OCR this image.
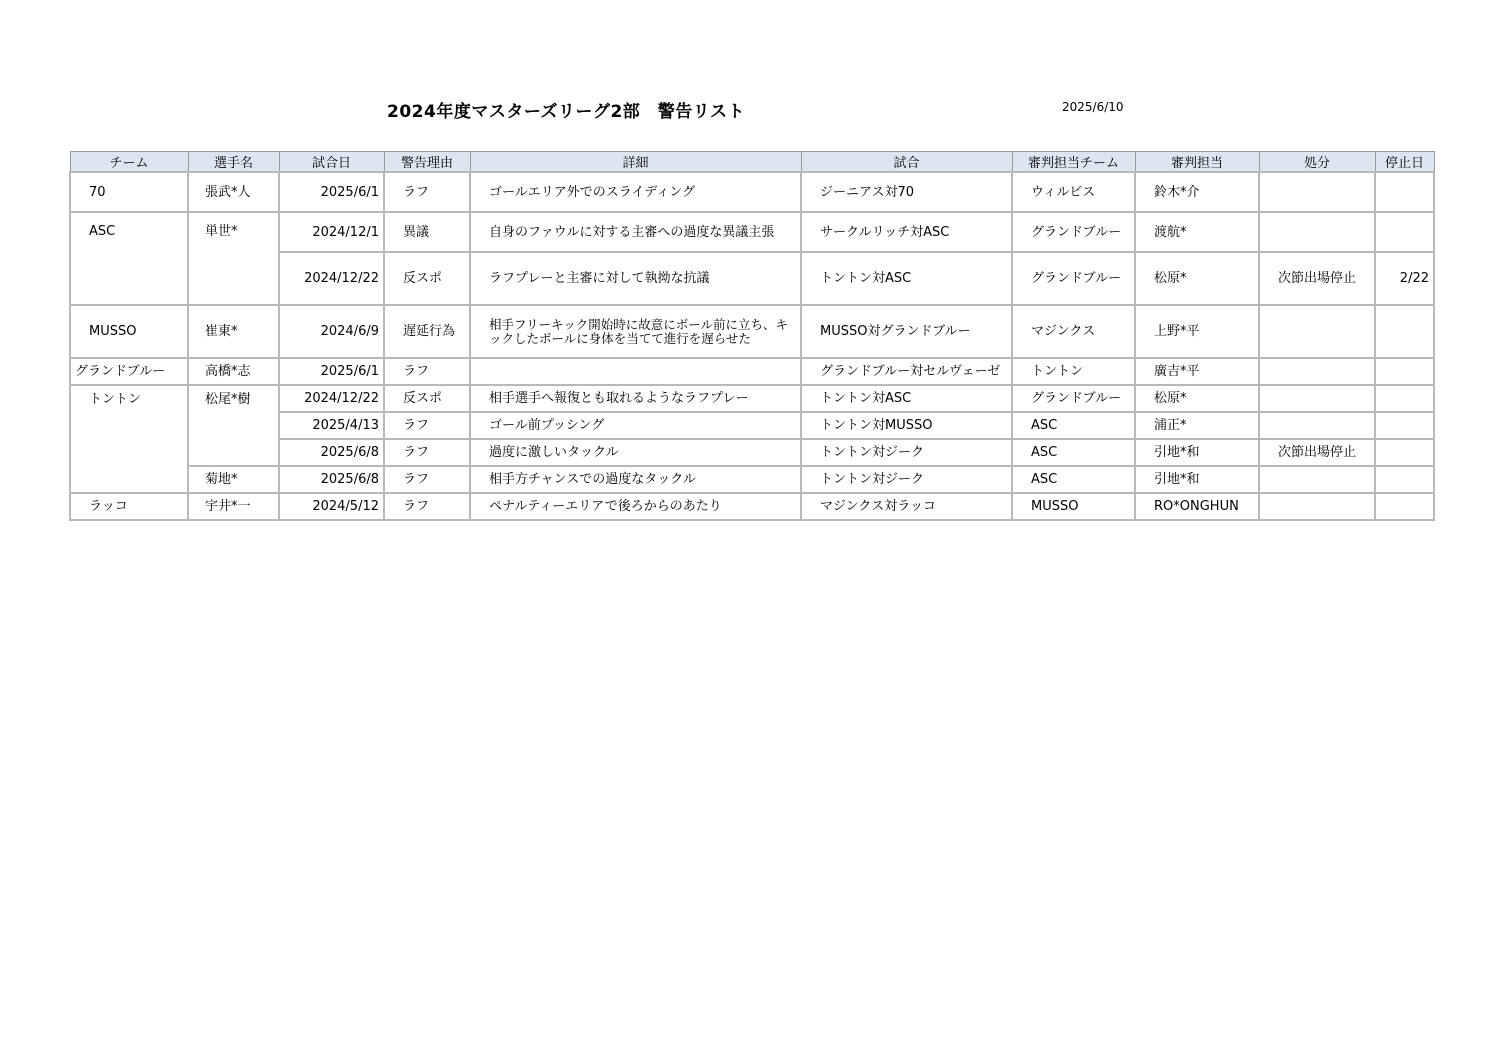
2024年度マスターズリーグ2部　警告リスト	2025/6/10
チーム	選手名	試合日	警告理由	詳細	試合	審判担当チーム	審判担当	処分	停止日
70	張武*人	2025/6/1	ラフ	ゴールエリア外でのスライディング	ジーニアス対70	ウィルビス	鈴木*介		
ASC	単世*	2024/12/1	異議	自身のファウルに対する主審への過度な異議主張	サークルリッチ対ASC	グランドブルー	渡航*		
		2024/12/22	反スポ	ラフプレーと主審に対して執拗な抗議	トントン対ASC	グランドブルー	松原*	次節出場停止	2/22
MUSSO	崔東*	2024/6/9	遅延行為	相手フリーキック開始時に故意にボール前に立ち、キックしたボールに身体を当てて進行を遅らせた	MUSSO対グランドブルー	マジンクス	上野*平		
グランドブルー	高橋*志	2025/6/1	ラフ		グランドブルー対セルヴェーゼ	トントン	廣吉*平		
トントン	松尾*樹	2024/12/22	反スポ	相手選手へ報復とも取れるようなラフプレー	トントン対ASC	グランドブルー	松原*		
		2025/4/13	ラフ	ゴール前プッシング	トントン対MUSSO	ASC	浦正*		
		2025/6/8	ラフ	過度に激しいタックル	トントン対ジーク	ASC	引地*和	次節出場停止	
	菊地*	2025/6/8	ラフ	相手方チャンスでの過度なタックル	トントン対ジーク	ASC	引地*和		
ラッコ	宇井*一	2024/5/12	ラフ	ペナルティーエリアで後ろからのあたり	マジンクス対ラッコ	MUSSO	RO*ONGHUN		
